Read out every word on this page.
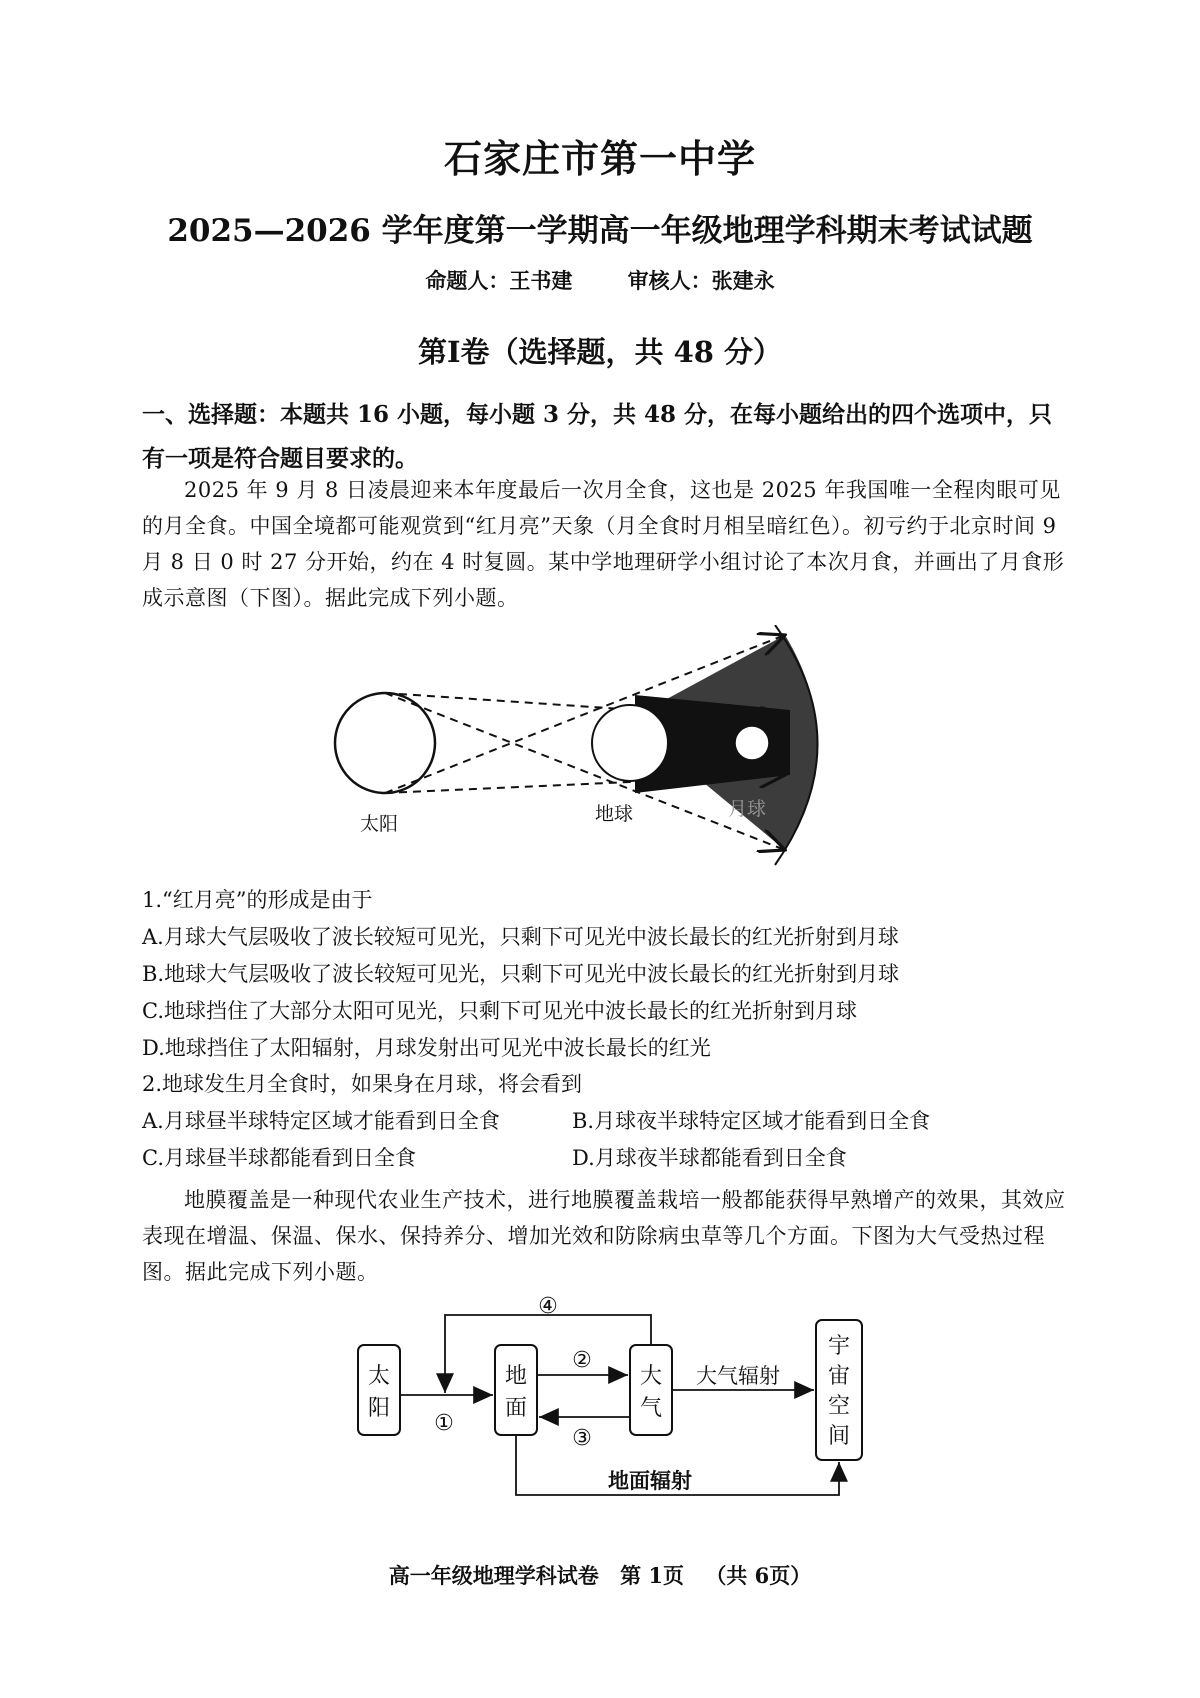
石家庄市第一中学
2025—2026 学年度第一学期高一年级地理学科期末考试试题
命题人：王书建	审核人：张建永
第Ⅰ卷（选择题，共 48 分）
一、选择题：本题共 16 小题，每小题 3 分，共 48 分，在每小题给出的四个选项中，只有一项是符合题目要求的。
2025 年 9 月 8 日凌晨迎来本年度最后一次月全食，这也是 2025 年我国唯一全程肉眼可见的月全食。中国全境都可能观赏到“红月亮”天象（月全食时月相呈暗红色）。初亏约于北京时间 9 月 8 日 0 时 27 分开始，约在 4 时复圆。某中学地理研学小组讨论了本次月食，并画出了月食形成示意图（下图）。据此完成下列小题。
太阳	地球	月球
1.“红月亮”的形成是由于
A.月球大气层吸收了波长较短可见光，只剩下可见光中波长最长的红光折射到月球
B.地球大气层吸收了波长较短可见光，只剩下可见光中波长最长的红光折射到月球
C.地球挡住了大部分太阳可见光，只剩下可见光中波长最长的红光折射到月球
D.地球挡住了太阳辐射，月球发射出可见光中波长最长的红光
2.地球发生月全食时，如果身在月球，将会看到
A.月球昼半球特定区域才能看到日全食	B.月球夜半球特定区域才能看到日全食
C.月球昼半球都能看到日全食	D.月球夜半球都能看到日全食
地膜覆盖是一种现代农业生产技术，进行地膜覆盖栽培一般都能获得早熟增产的效果，其效应表现在增温、保温、保水、保持养分、增加光效和防除病虫草等几个方面。下图为大气受热过程图。据此完成下列小题。
太
阳
地
面
大
气
宇
宙
空
间
①
②
③
④
大气辐射
地面辐射
高一年级地理学科试卷 第 1页 （共 6页）
